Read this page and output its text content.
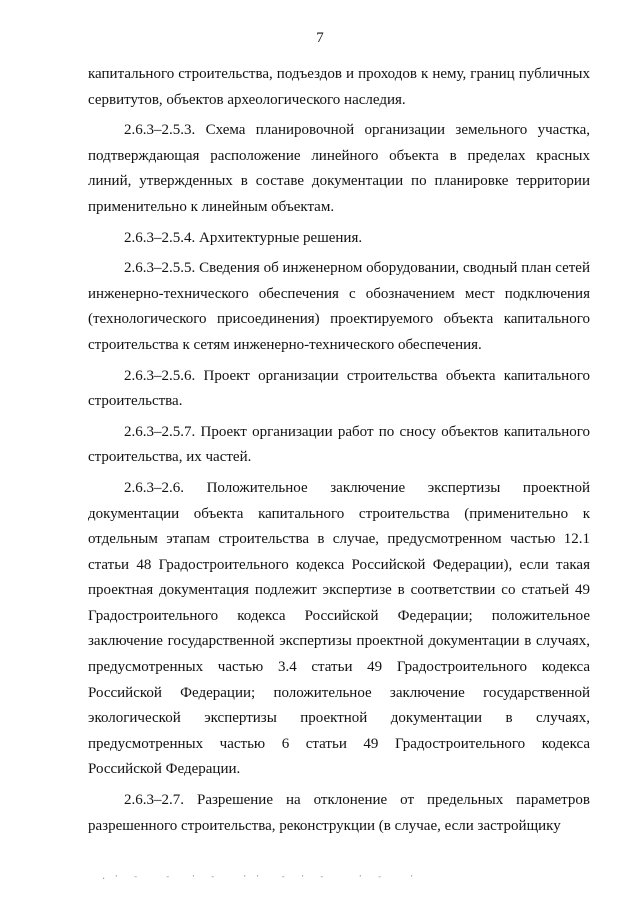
7

капитального строительства, подъездов и проходов к нему, границ публичных сервитутов, объектов археологического наследия.

2.6.3–2.5.3. Схема планировочной организации земельного участка, подтверждающая расположение линейного объекта в пределах красных линий, утвержденных в составе документации по планировке территории применительно к линейным объектам.

2.6.3–2.5.4. Архитектурные решения.

2.6.3–2.5.5. Сведения об инженерном оборудовании, сводный план сетей инженерно-технического обеспечения с обозначением мест подключения (технологического присоединения) проектируемого объекта капитального строительства к сетям инженерно-технического обеспечения.

2.6.3–2.5.6. Проект организации строительства объекта капитального строительства.

2.6.3–2.5.7. Проект организации работ по сносу объектов капитального строительства, их частей.

2.6.3–2.6. Положительное заключение экспертизы проектной документации объекта капитального строительства (применительно к отдельным этапам строительства в случае, предусмотренном частью 12.1 статьи 48 Градостроительного кодекса Российской Федерации), если такая проектная документация подлежит экспертизе в соответствии со статьей 49 Градостроительного кодекса Российской Федерации; положительное заключение государственной экспертизы проектной документации в случаях, предусмотренных частью 3.4 статьи 49 Градостроительного кодекса Российской Федерации; положительное заключение государственной экологической экспертизы проектной документации в случаях, предусмотренных частью 6 статьи 49 Градостроительного кодекса Российской Федерации.

2.6.3–2.7. Разрешение на отклонение от предельных параметров разрешенного строительства, реконструкции (в случае, если застройщику

. ·  -    -   ·  -    · ·   -  ·  -     ·  -    ·
